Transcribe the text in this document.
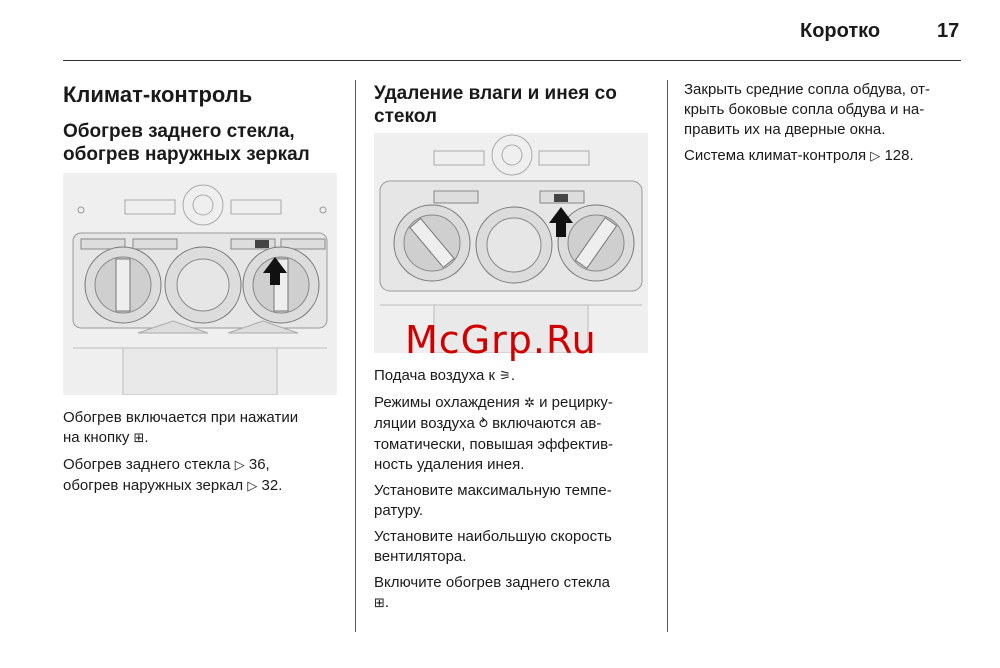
Коротко	17
Климат-контроль
Обогрев заднего стекла,
обогрев наружных зеркал

Обогрев включается при нажатии
на кнопку ⊞.

Обогрев заднего стекла ▷ 36,
обогрев наружных зеркал ▷ 32.

Удаление влаги и инея со
стекол
McGrp.Ru

Подача воздуха к ⚞.

Режимы охлаждения ✲ и рецирку-
ляции воздуха ⥁ включаются ав-
томатически, повышая эффектив-
ность удаления инея.

Установите максимальную темпе-
ратуру.

Установите наибольшую скорость
вентилятора.

Включите обогрев заднего стекла
⊞.

Закрыть средние сопла обдува, от-
крыть боковые сопла обдува и на-
править их на дверные окна.

Система климат-контроля ▷ 128.
